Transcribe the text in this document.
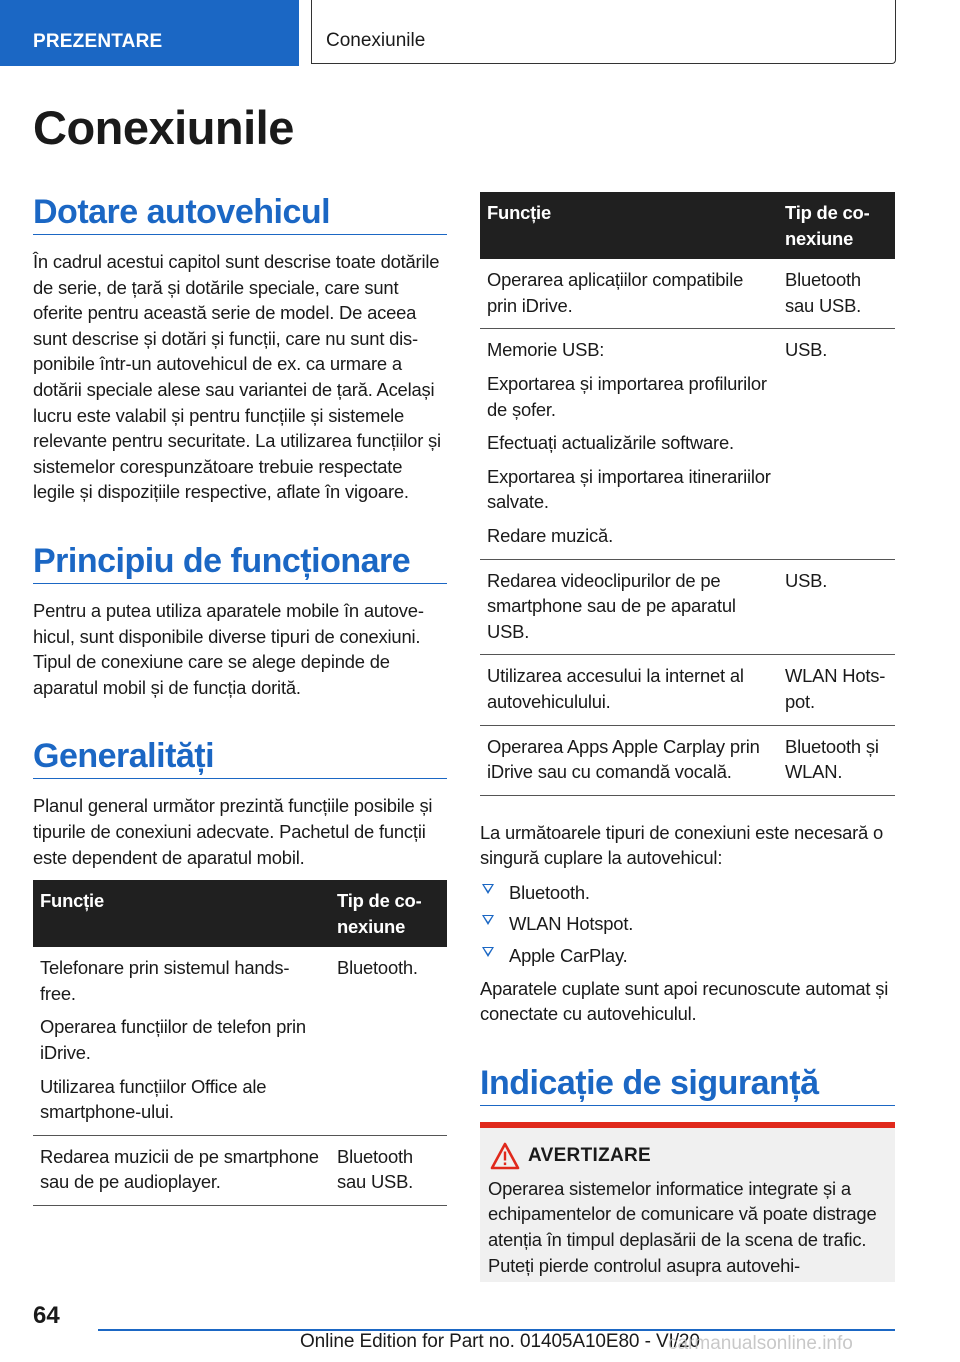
PREZENTARE	Conexiunile
Conexiunile
Dotare autovehicul

În cadrul acestui capitol sunt descrise toate dotările de serie, de țară și dotările speciale, care sunt oferite pentru această serie de model. De aceea sunt descrise și dotări și funcții, care nu sunt disponibile într-un autovehicul de ex. ca urmare a dotării speciale alese sau variantei de țară. Același lucru este valabil și pentru funcțiile și sistemele relevante pentru securitate. La utilizarea funcțiilor și sistemelor corespunzătoare trebuie respectate legile și dispozițiile respective, aflate în vigoare.

Principiu de funcționare

Pentru a putea utiliza aparatele mobile în autovehicul, sunt disponibile diverse tipuri de conexiuni. Tipul de conexiune care se alege depinde de aparatul mobil și de funcția dorită.

Generalități

Planul general următor prezintă funcțiile posibile și tipurile de conexiuni adecvate. Pachetul de funcții este dependent de aparatul mobil.

Funcție	Tip de conexiune

Telefonare prin sistemul hands-free.
Operarea funcțiilor de telefon prin iDrive.
Utilizarea funcțiilor Office ale smartphone-ului.	Bluetooth.

Redarea muzicii de pe smartphone sau de pe audioplayer.	Bluetooth sau USB.
Funcție	Tip de conexiune

Operarea aplicațiilor compatibile prin iDrive.	Bluetooth sau USB.

Memorie USB:
Exportarea și importarea profilurilor de șofer.
Efectuați actualizările software.
Exportarea și importarea itinerariilor salvate.
Redare muzică.	USB.

Redarea videoclipurilor de pe smartphone sau de pe aparatul USB.	USB.

Utilizarea accesului la internet al autovehiculului.	WLAN Hotspot.

Operarea Apps Apple Carplay prin iDrive sau cu comandă vocală.	Bluetooth și WLAN.

La următoarele tipuri de conexiuni este necesară o singură cuplare la autovehicul:

Bluetooth.
WLAN Hotspot.
Apple CarPlay.

Aparatele cuplate sunt apoi recunoscute automat și conectate cu autovehiculul.

Indicație de siguranță
AVERTIZARE

Operarea sistemelor informatice integrate și a echipamentelor de comunicare vă poate distrage atenția în timpul deplasării de la scena de trafic. Puteți pierde controlul asupra autovehi-

64
Online Edition for Part no. 01405A10E80 - VI/20
carmanualsonline.info
